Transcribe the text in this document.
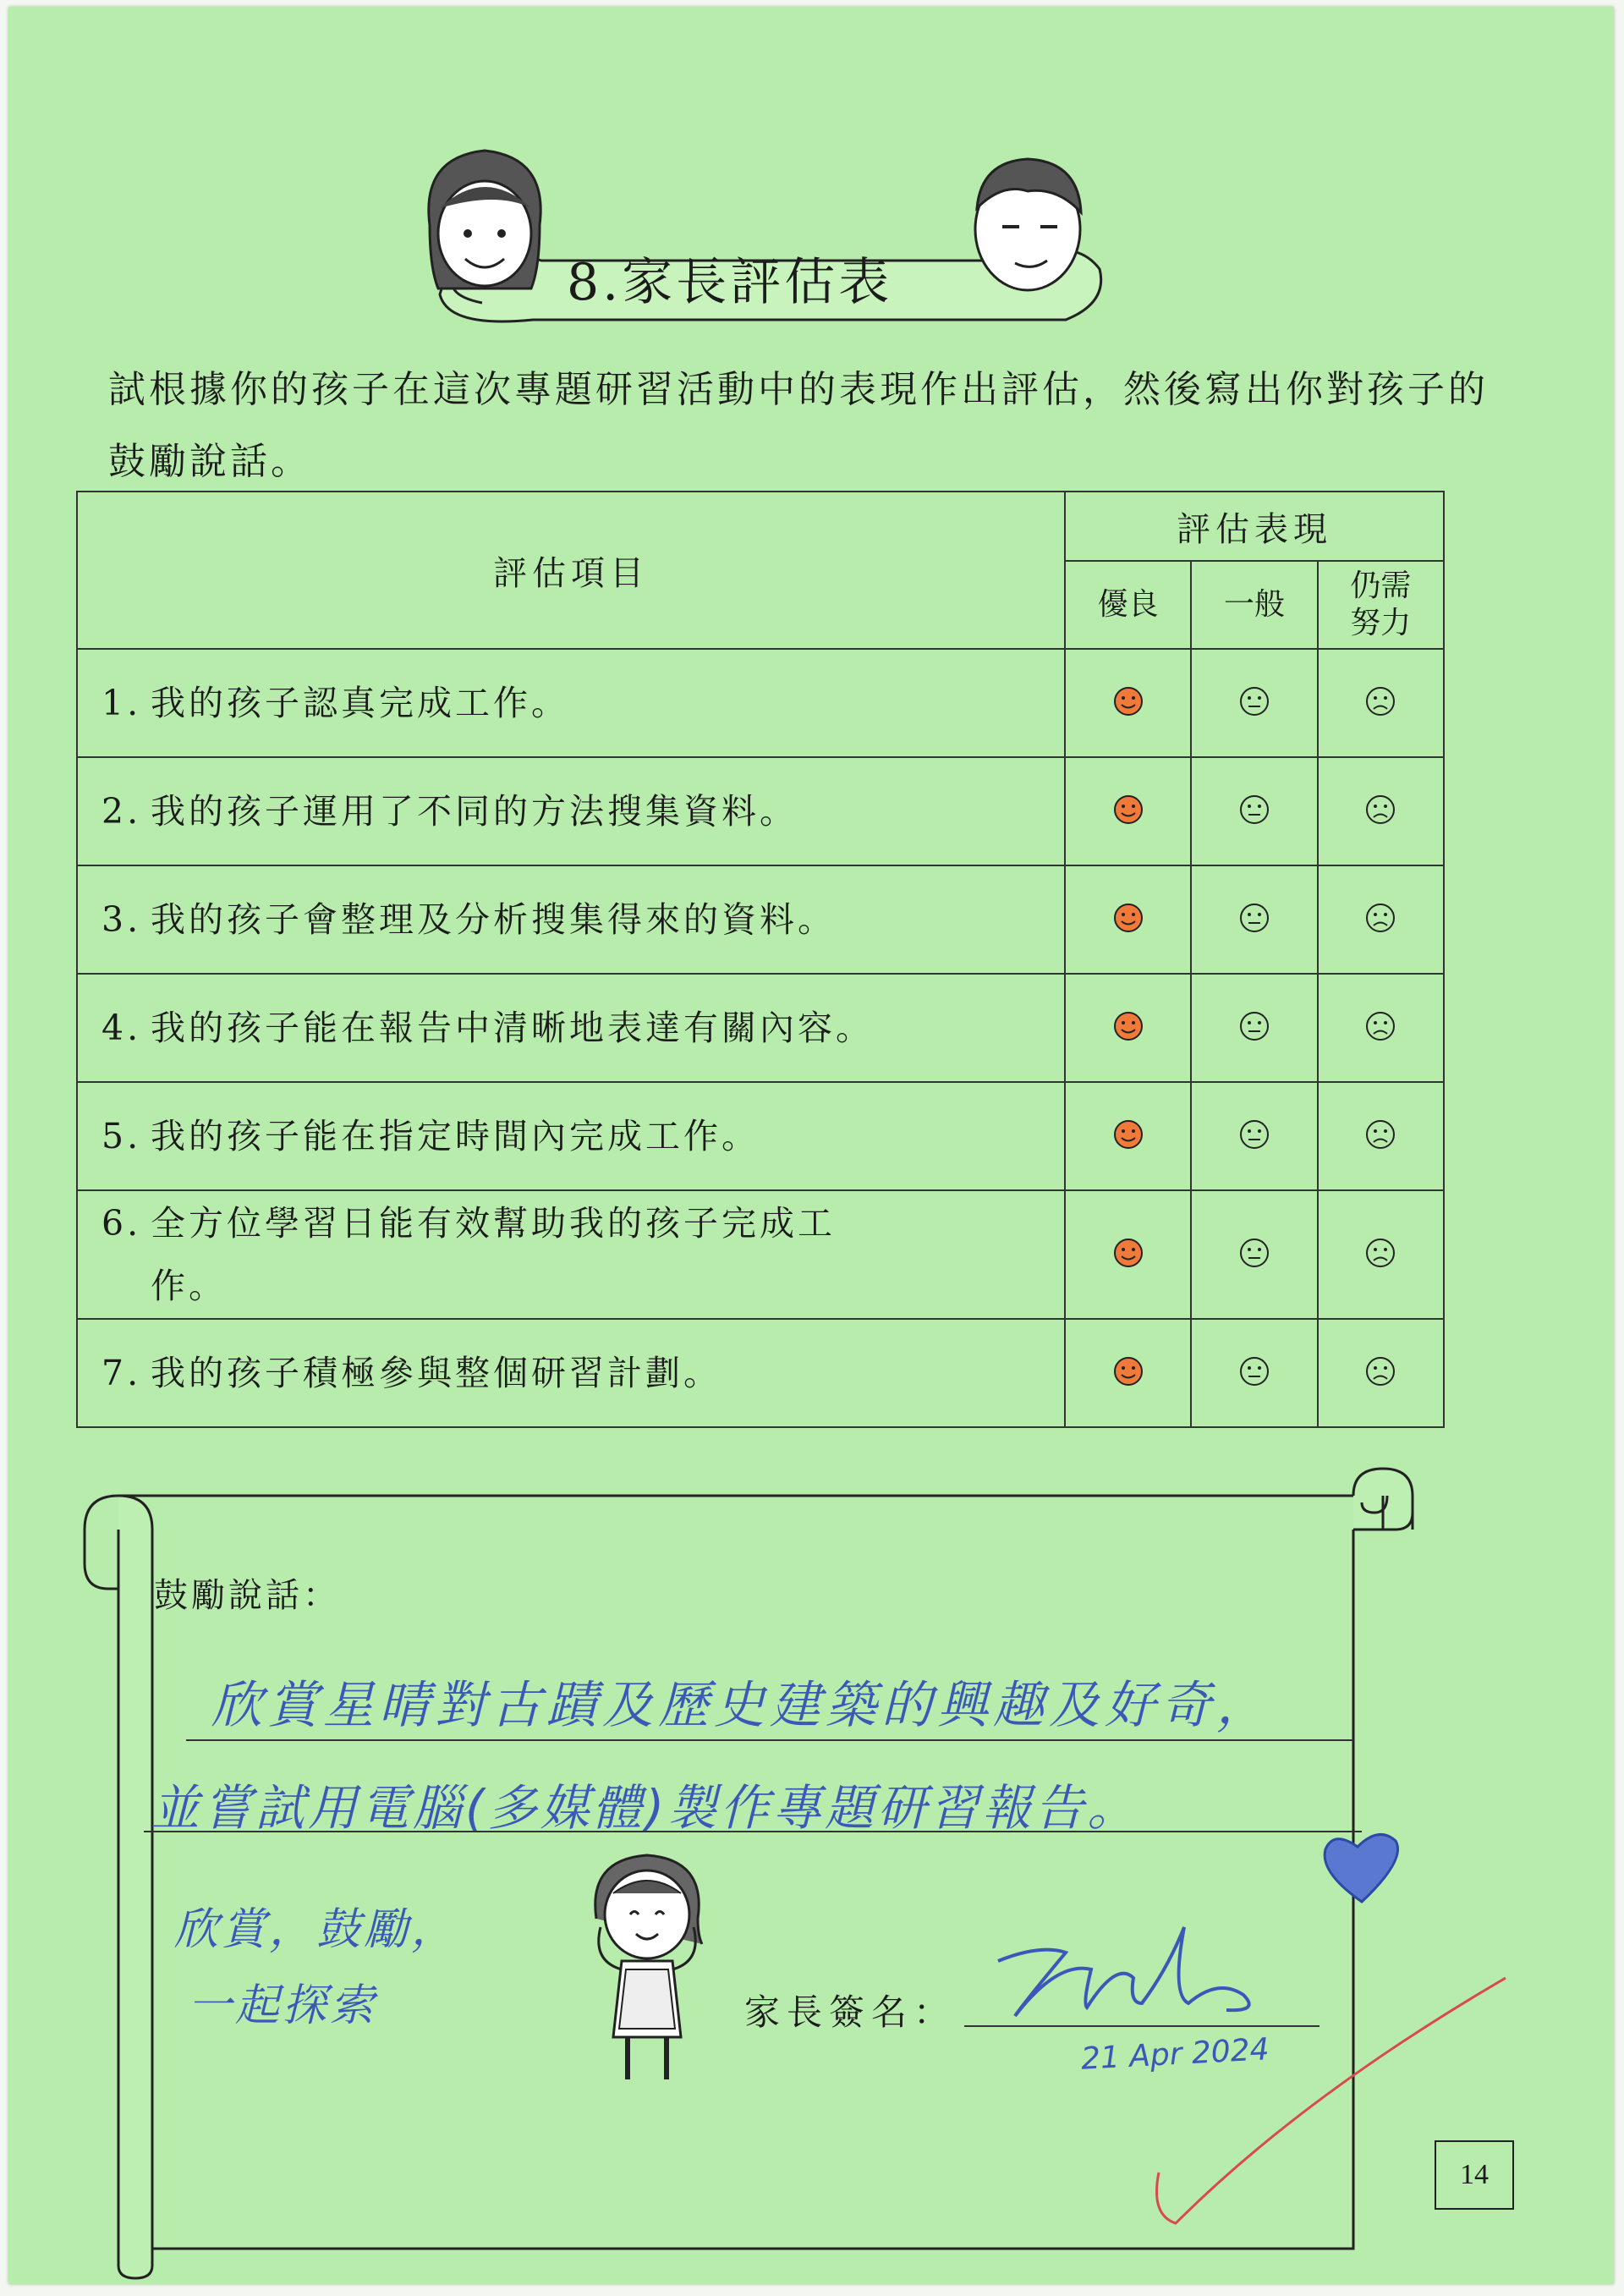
8.家長評估表
試根據你的孩子在這次專題研習活動中的表現作出評估，然後寫出你對孩子的鼓勵說話。
評估項目	評估表現		
	優良	一般	仍需
努力
1. 我的孩子認真完成工作。			
2. 我的孩子運用了不同的方法搜集資料。			
3. 我的孩子會整理及分析搜集得來的資料。			
4. 我的孩子能在報告中清晰地表達有關內容。			
5. 我的孩子能在指定時間內完成工作。			
6. 全方位學習日能有效幫助我的孩子完成工
作。			
7. 我的孩子積極參與整個研習計劃。			
鼓勵說話：
欣賞星晴對古蹟及歷史建築的興趣及好奇，
並嘗試用電腦(多媒體)製作專題研習報告。
欣賞，鼓勵，
一起探索	家長簽名：
21 Apr 2024
14
